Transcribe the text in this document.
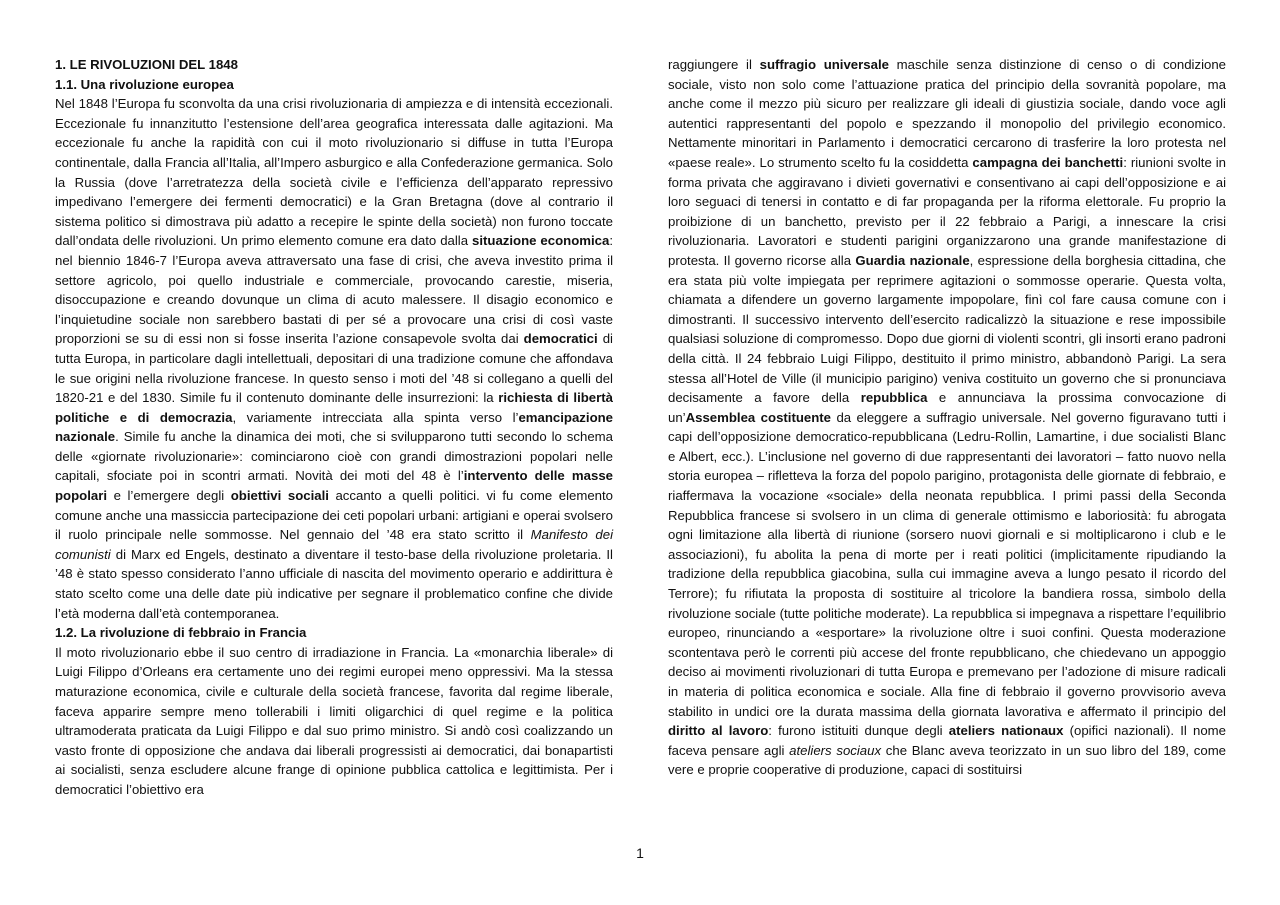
1. LE RIVOLUZIONI DEL 1848

1.1. Una rivoluzione europea

Nel 1848 l’Europa fu sconvolta da una crisi rivoluzionaria di ampiezza e di intensità eccezionali. Eccezionale fu innanzitutto l’estensione dell’area geografica interessata dalle agitazioni. Ma eccezionale fu anche la rapidità con cui il moto rivoluzionario si diffuse in tutta l’Europa continentale, dalla Francia all’Italia, all’Impero asburgico e alla Confederazione germanica. Solo la Russia (dove l’arretratezza della società civile e l’efficienza dell’apparato repressivo impedivano l’emergere dei fermenti democratici) e la Gran Bretagna (dove al contrario il sistema politico si dimostrava più adatto a recepire le spinte della società) non furono toccate dall’ondata delle rivoluzioni. Un primo elemento comune era dato dalla situazione economica: nel biennio 1846-7 l’Europa aveva attraversato una fase di crisi, che aveva investito prima il settore agricolo, poi quello industriale e commerciale, provocando carestie, miseria, disoccupazione e creando dovunque un clima di acuto malessere. Il disagio economico e l’inquietudine sociale non sarebbero bastati di per sé a provocare una crisi di così vaste proporzioni se su di essi non si fosse inserita l’azione consapevole svolta dai democratici di tutta Europa, in particolare dagli intellettuali, depositari di una tradizione comune che affondava le sue origini nella rivoluzione francese. In questo senso i moti del ’48 si collegano a quelli del 1820-21 e del 1830. Simile fu il contenuto dominante delle insurrezioni: la richiesta di libertà politiche e di democrazia, variamente intrecciata alla spinta verso l’emancipazione nazionale. Simile fu anche la dinamica dei moti, che si svilupparono tutti secondo lo schema delle «giornate rivoluzionarie»: cominciarono cioè con grandi dimostrazioni popolari nelle capitali, sfociate poi in scontri armati. Novità dei moti del 48 è l’intervento delle masse popolari e l’emergere degli obiettivi sociali accanto a quelli politici. vi fu come elemento comune anche una massiccia partecipazione dei ceti popolari urbani: artigiani e operai svolsero il ruolo principale nelle sommosse. Nel gennaio del ’48 era stato scritto il Manifesto dei comunisti di Marx ed Engels, destinato a diventare il testo-base della rivoluzione proletaria. Il ’48 è stato spesso considerato l’anno ufficiale di nascita del movimento operario e addirittura è stato scelto come una delle date più indicative per segnare il problematico confine che divide l’età moderna dall’età contemporanea.

1.2. La rivoluzione di febbraio in Francia

Il moto rivoluzionario ebbe il suo centro di irradiazione in Francia. La «monarchia liberale» di Luigi Filippo d’Orleans era certamente uno dei regimi europei meno oppressivi. Ma la stessa maturazione economica, civile e culturale della società francese, favorita dal regime liberale, faceva apparire sempre meno tollerabili i limiti oligarchici di quel regime e la politica ultramoderata praticata da Luigi Filippo e dal suo primo ministro. Si andò così coalizzando un vasto fronte di opposizione che andava dai liberali progressisti ai democratici, dai bonapartisti ai socialisti, senza escludere alcune frange di opinione pubblica cattolica e legittimista. Per i democratici l’obiettivo era

raggiungere il suffragio universale maschile senza distinzione di censo o di condizione sociale, visto non solo come l’attuazione pratica del principio della sovranità popolare, ma anche come il mezzo più sicuro per realizzare gli ideali di giustizia sociale, dando voce agli autentici rappresentanti del popolo e spezzando il monopolio del privilegio economico. Nettamente minoritari in Parlamento i democratici cercarono di trasferire la loro protesta nel «paese reale». Lo strumento scelto fu la cosiddetta campagna dei banchetti: riunioni svolte in forma privata che aggiravano i divieti governativi e consentivano ai capi dell’opposizione e ai loro seguaci di tenersi in contatto e di far propaganda per la riforma elettorale. Fu proprio la proibizione di un banchetto, previsto per il 22 febbraio a Parigi, a innescare la crisi rivoluzionaria. Lavoratori e studenti parigini organizzarono una grande manifestazione di protesta. Il governo ricorse alla Guardia nazionale, espressione della borghesia cittadina, che era stata più volte impiegata per reprimere agitazioni o sommosse operarie. Questa volta, chiamata a difendere un governo largamente impopolare, finì col fare causa comune con i dimostranti. Il successivo intervento dell’esercito radicalizzò la situazione e rese impossibile qualsiasi soluzione di compromesso. Dopo due giorni di violenti scontri, gli insorti erano padroni della città. Il 24 febbraio Luigi Filippo, destituito il primo ministro, abbandonò Parigi. La sera stessa all’Hotel de Ville (il municipio parigino) veniva costituito un governo che si pronunciava decisamente a favore della repubblica e annunciava la prossima convocazione di un’Assemblea costituente da eleggere a suffragio universale. Nel governo figuravano tutti i capi dell’opposizione democratico-repubblicana (Ledru-Rollin, Lamartine, i due socialisti Blanc e Albert, ecc.). L’inclusione nel governo di due rappresentanti dei lavoratori – fatto nuovo nella storia europea – rifletteva la forza del popolo parigino, protagonista delle giornate di febbraio, e riaffermava la vocazione «sociale» della neonata repubblica. I primi passi della Seconda Repubblica francese si svolsero in un clima di generale ottimismo e laboriosità: fu abrogata ogni limitazione alla libertà di riunione (sorsero nuovi giornali e si moltiplicarono i club e le associazioni), fu abolita la pena di morte per i reati politici (implicitamente ripudiando la tradizione della repubblica giacobina, sulla cui immagine aveva a lungo pesato il ricordo del Terrore); fu rifiutata la proposta di sostituire al tricolore la bandiera rossa, simbolo della rivoluzione sociale (tutte politiche moderate). La repubblica si impegnava a rispettare l’equilibrio europeo, rinunciando a «esportare» la rivoluzione oltre i suoi confini. Questa moderazione scontentava però le correnti più accese del fronte repubblicano, che chiedevano un appoggio deciso ai movimenti rivoluzionari di tutta Europa e premevano per l’adozione di misure radicali in materia di politica economica e sociale. Alla fine di febbraio il governo provvisorio aveva stabilito in undici ore la durata massima della giornata lavorativa e affermato il principio del diritto al lavoro: furono istituiti dunque degli ateliers nationaux (opifici nazionali). Il nome faceva pensare agli ateliers sociaux che Blanc aveva teorizzato in un suo libro del 189, come vere e proprie cooperative di produzione, capaci di sostituirsi

1
